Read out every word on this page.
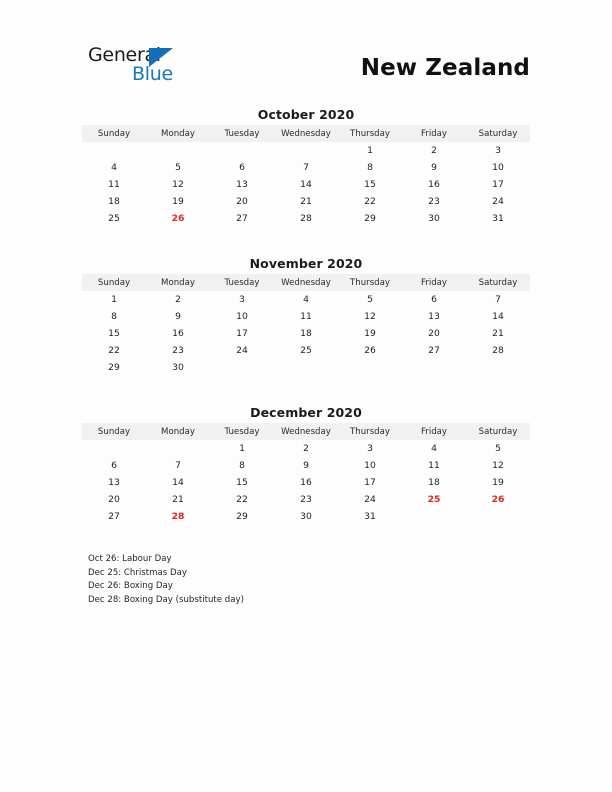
General
Blue	New Zealand
October 2020
Sunday	Monday	Tuesday	Wednesday	Thursday	Friday	Saturday
				1	2	3
4	5	6	7	8	9	10
11	12	13	14	15	16	17
18	19	20	21	22	23	24
25	26	27	28	29	30	31
November 2020
Sunday	Monday	Tuesday	Wednesday	Thursday	Friday	Saturday
1	2	3	4	5	6	7
8	9	10	11	12	13	14
15	16	17	18	19	20	21
22	23	24	25	26	27	28
29	30					
December 2020
Sunday	Monday	Tuesday	Wednesday	Thursday	Friday	Saturday
		1	2	3	4	5
6	7	8	9	10	11	12
13	14	15	16	17	18	19
20	21	22	23	24	25	26
27	28	29	30	31		
Oct 26: Labour Day
Dec 25: Christmas Day
Dec 26: Boxing Day
Dec 28: Boxing Day (substitute day)
